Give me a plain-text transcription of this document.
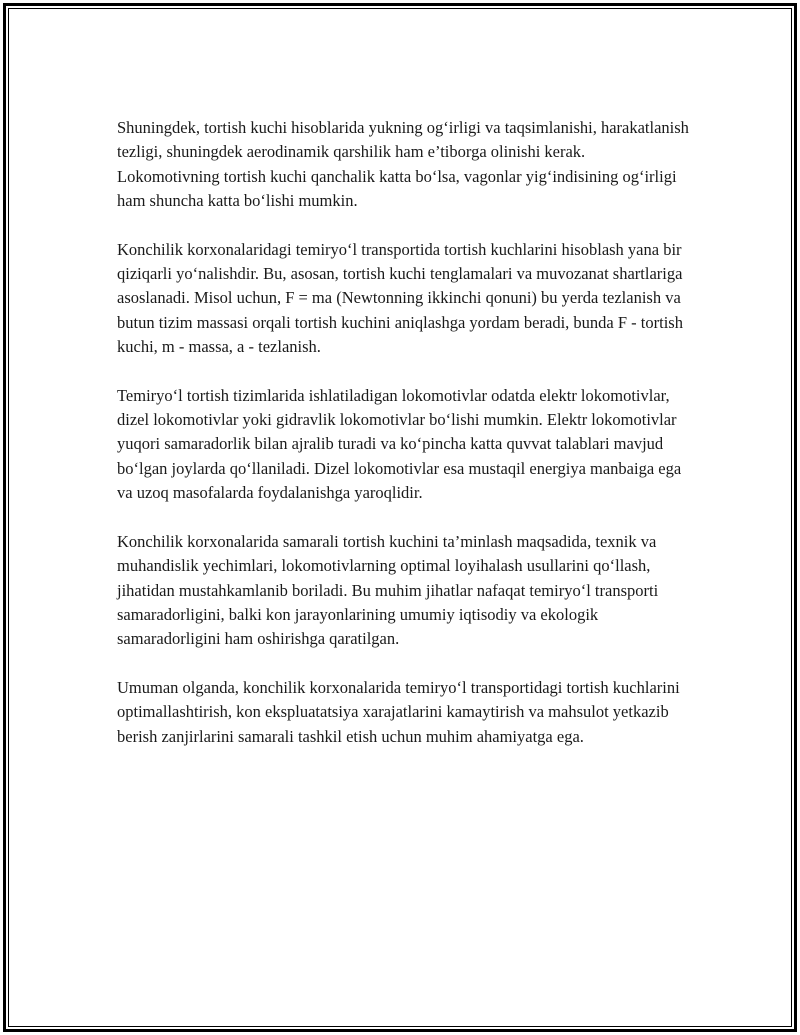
Shuningdek, tortish kuchi hisoblarida yukning og‘irligi va taqsimlanishi, harakatlanish tezligi, shuningdek aerodinamik qarshilik ham e’tiborga olinishi kerak. Lokomotivning tortish kuchi qanchalik katta bo‘lsa, vagonlar yig‘indisining og‘irligi ham shuncha katta bo‘lishi mumkin.

Konchilik korxonalaridagi temiryo‘l transportida tortish kuchlarini hisoblash yana bir qiziqarli yo‘nalishdir. Bu, asosan, tortish kuchi tenglamalari va muvozanat shartlariga asoslanadi. Misol uchun, F = ma (Newtonning ikkinchi qonuni) bu yerda tezlanish va butun tizim massasi orqali tortish kuchini aniqlashga yordam beradi, bunda F - tortish kuchi, m - massa, a - tezlanish.

Temiryo‘l tortish tizimlarida ishlatiladigan lokomotivlar odatda elektr lokomotivlar, dizel lokomotivlar yoki gidravlik lokomotivlar bo‘lishi mumkin. Elektr lokomotivlar yuqori samaradorlik bilan ajralib turadi va ko‘pincha katta quvvat talablari mavjud bo‘lgan joylarda qo‘llaniladi. Dizel lokomotivlar esa mustaqil energiya manbaiga ega va uzoq masofalarda foydalanishga yaroqlidir.

Konchilik korxonalarida samarali tortish kuchini ta’minlash maqsadida, texnik va muhandislik yechimlari, lokomotivlarning optimal loyihalash usullarini qo‘llash, jihatidan mustahkamlanib boriladi. Bu muhim jihatlar nafaqat temiryo‘l transporti samaradorligini, balki kon jarayonlarining umumiy iqtisodiy va ekologik samaradorligini ham oshirishga qaratilgan.

Umuman olganda, konchilik korxonalarida temiryo‘l transportidagi tortish kuchlarini optimallashtirish, kon ekspluatatsiya xarajatlarini kamaytirish va mahsulot yetkazib berish zanjirlarini samarali tashkil etish uchun muhim ahamiyatga ega.
